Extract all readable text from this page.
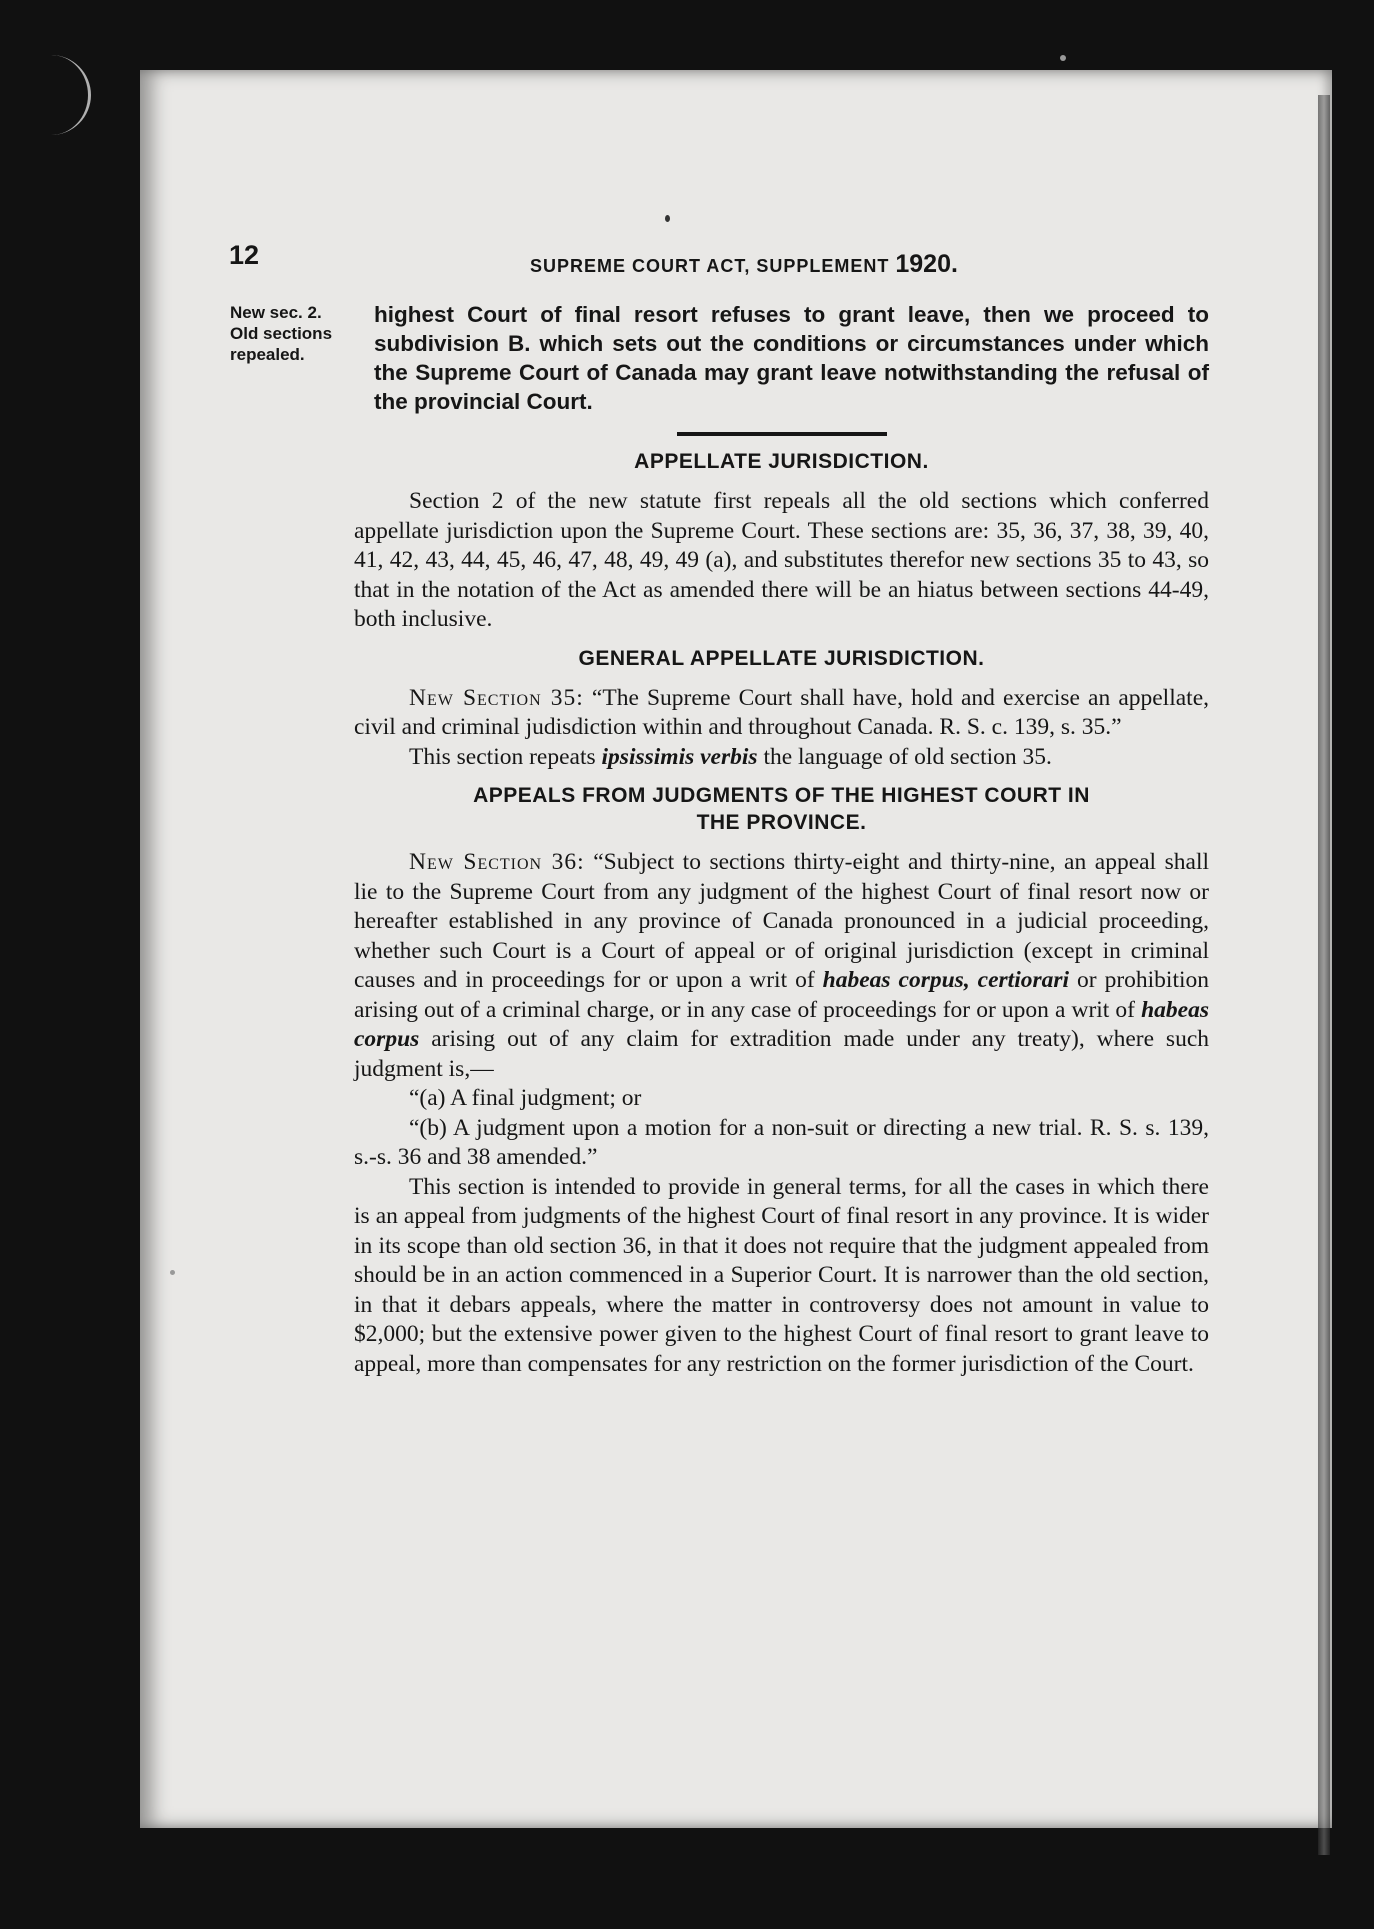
12	SUPREME COURT ACT, SUPPLEMENT 1920.
New sec. 2.
Old sections
repealed.

highest Court of final resort refuses to grant leave, then we proceed to subdivision B. which sets out the conditions or circumstances under which the Supreme Court of Canada may grant leave notwithstanding the refusal of the provincial Court.

APPELLATE JURISDICTION.

Section 2 of the new statute first repeals all the old sections which conferred appellate jurisdiction upon the Supreme Court. These sections are: 35, 36, 37, 38, 39, 40, 41, 42, 43, 44, 45, 46, 47, 48, 49, 49 (a), and substitutes therefor new sections 35 to 43, so that in the notation of the Act as amended there will be an hiatus between sections 44-49, both inclusive.

GENERAL APPELLATE JURISDICTION.

New Section 35: “The Supreme Court shall have, hold and exercise an appellate, civil and criminal judisdiction within and throughout Canada. R. S. c. 139, s. 35.”

This section repeats ipsissimis verbis the language of old section 35.

APPEALS FROM JUDGMENTS OF THE HIGHEST COURT IN
THE PROVINCE.

New Section 36: “Subject to sections thirty-eight and thirty-nine, an appeal shall lie to the Supreme Court from any judgment of the highest Court of final resort now or hereafter established in any province of Canada pronounced in a judicial proceeding, whether such Court is a Court of appeal or of original jurisdiction (except in criminal causes and in proceedings for or upon a writ of habeas corpus, certiorari or prohibition arising out of a criminal charge, or in any case of proceedings for or upon a writ of habeas corpus arising out of any claim for extradition made under any treaty), where such judgment is,—

“(a) A final judgment; or

“(b) A judgment upon a motion for a non-suit or directing a new trial. R. S. s. 139, s.-s. 36 and 38 amended.”

This section is intended to provide in general terms, for all the cases in which there is an appeal from judgments of the highest Court of final resort in any province. It is wider in its scope than old section 36, in that it does not require that the judgment appealed from should be in an action commenced in a Superior Court. It is narrower than the old section, in that it debars appeals, where the matter in controversy does not amount in value to $2,000; but the extensive power given to the highest Court of final resort to grant leave to appeal, more than compensates for any restriction on the former jurisdiction of the Court.
